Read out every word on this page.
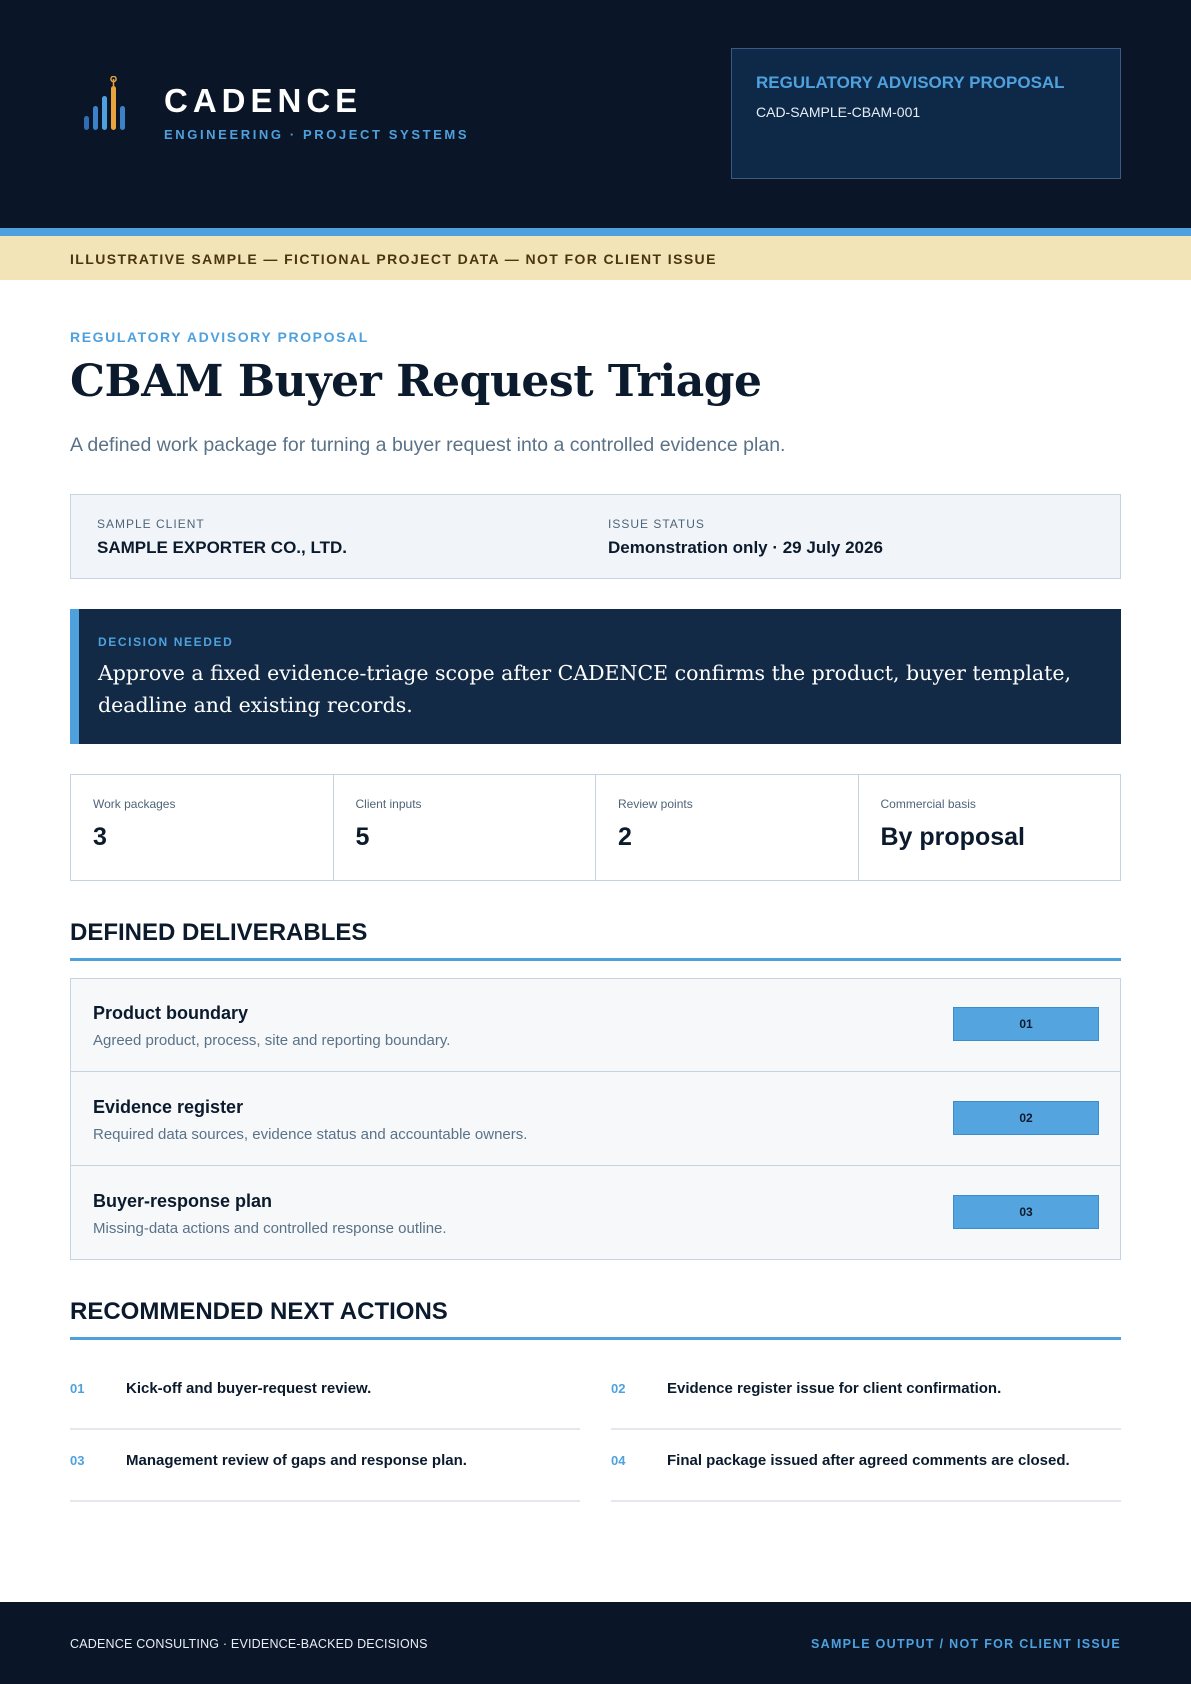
CADENCE
ENGINEERING · PROJECT SYSTEMS
REGULATORY ADVISORY PROPOSAL
CAD-SAMPLE-CBAM-001
ILLUSTRATIVE SAMPLE — FICTIONAL PROJECT DATA — NOT FOR CLIENT ISSUE
REGULATORY ADVISORY PROPOSAL
CBAM Buyer Request Triage
A defined work package for turning a buyer request into a controlled evidence plan.
SAMPLE CLIENT
SAMPLE EXPORTER CO., LTD.
ISSUE STATUS
Demonstration only · 29 July 2026
DECISION NEEDED
Approve a fixed evidence-triage scope after CADENCE confirms the product, buyer template, deadline and existing records.
Work packages
3
Client inputs
5
Review points
2
Commercial basis
By proposal
DEFINED DELIVERABLES
Product boundary
Agreed product, process, site and reporting boundary.
01
Evidence register
Required data sources, evidence status and accountable owners.
02
Buyer-response plan
Missing-data actions and controlled response outline.
03
RECOMMENDED NEXT ACTIONS
01	Kick-off and buyer-request review.	02	Evidence register issue for client confirmation.
03	Management review of gaps and response plan.	04	Final package issued after agreed comments are closed.
CADENCE CONSULTING · EVIDENCE-BACKED DECISIONS	SAMPLE OUTPUT / NOT FOR CLIENT ISSUE
